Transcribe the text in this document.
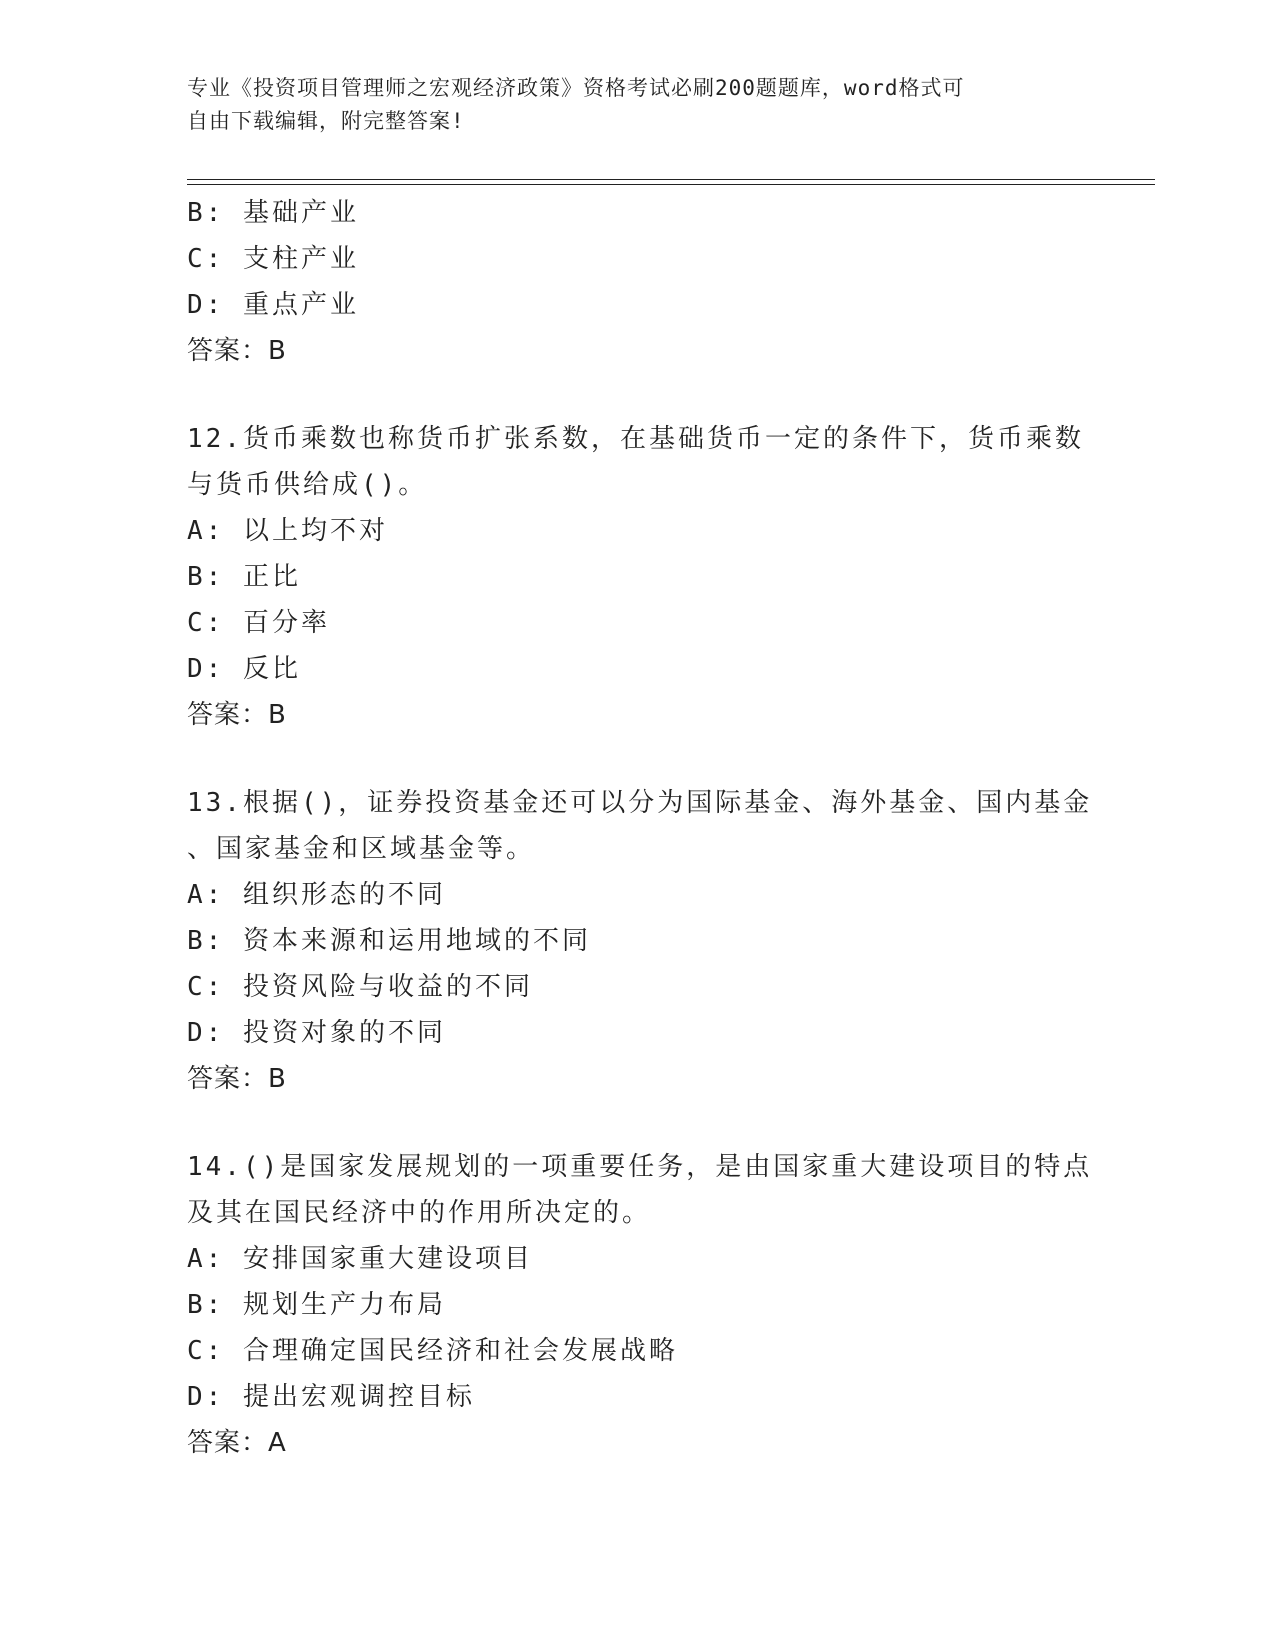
专业《投资项目管理师之宏观经济政策》资格考试必刷200题题库，word格式可
自由下载编辑，附完整答案!
B: 基础产业
C: 支柱产业
D: 重点产业
答案：B
12.货币乘数也称货币扩张系数，在基础货币一定的条件下，货币乘数
与货币供给成()。
A: 以上均不对
B: 正比
C: 百分率
D: 反比
答案：B
13.根据()，证券投资基金还可以分为国际基金、海外基金、国内基金
、国家基金和区域基金等。
A: 组织形态的不同
B: 资本来源和运用地域的不同
C: 投资风险与收益的不同
D: 投资对象的不同
答案：B
14.()是国家发展规划的一项重要任务，是由国家重大建设项目的特点
及其在国民经济中的作用所决定的。
A: 安排国家重大建设项目
B: 规划生产力布局
C: 合理确定国民经济和社会发展战略
D: 提出宏观调控目标
答案：A
